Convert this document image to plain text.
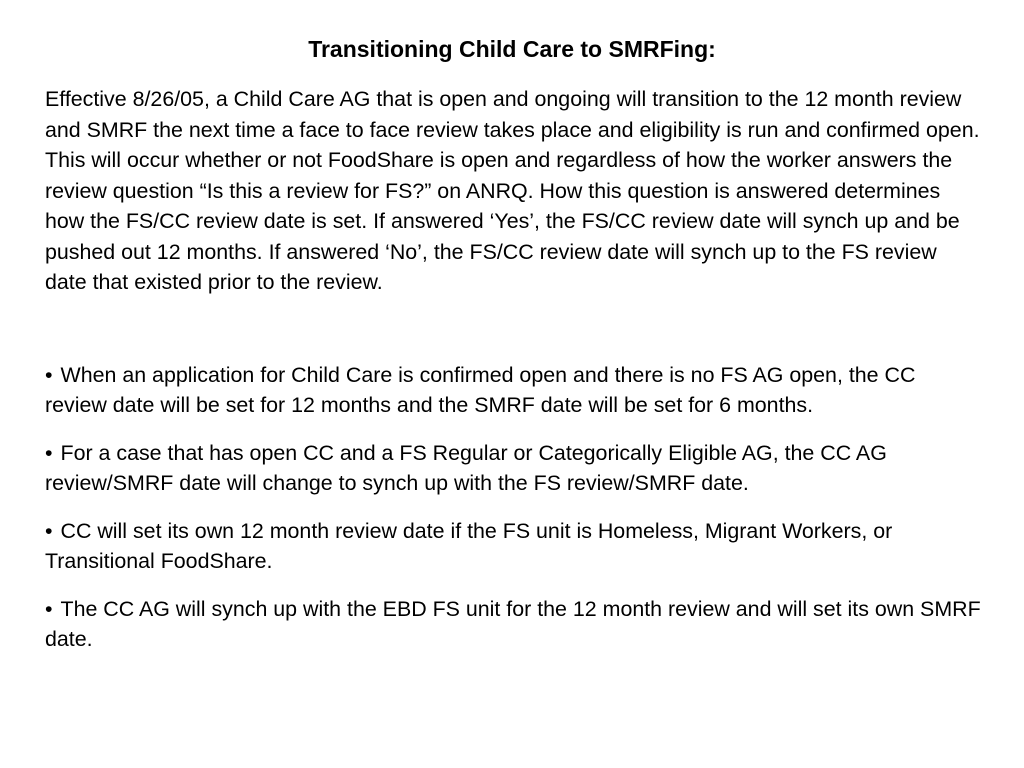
Transitioning Child Care to SMRFing:

Effective 8/26/05, a Child Care AG that is open and ongoing will transition to the 12 month review and SMRF the next time a face to face review takes place and eligibility is run and confirmed open. This will occur whether or not FoodShare is open and regardless of how the worker answers the review question “Is this a review for FS?” on ANRQ. How this question is answered determines how the FS/CC review date is set. If answered ‘Yes’, the FS/CC review date will synch up and be pushed out 12 months. If answered ‘No’, the FS/CC review date will synch up to the FS review date that existed prior to the review.

• When an application for Child Care is confirmed open and there is no FS AG open, the CC review date will be set for 12 months and the SMRF date will be set for 6 months.

• For a case that has open CC and a FS Regular or Categorically Eligible AG, the CC AG review/SMRF date will change to synch up with the FS review/SMRF date.

• CC will set its own 12 month review date if the FS unit is Homeless, Migrant Workers, or Transitional FoodShare.

• The CC AG will synch up with the EBD FS unit for the 12 month review and will set its own SMRF date.
